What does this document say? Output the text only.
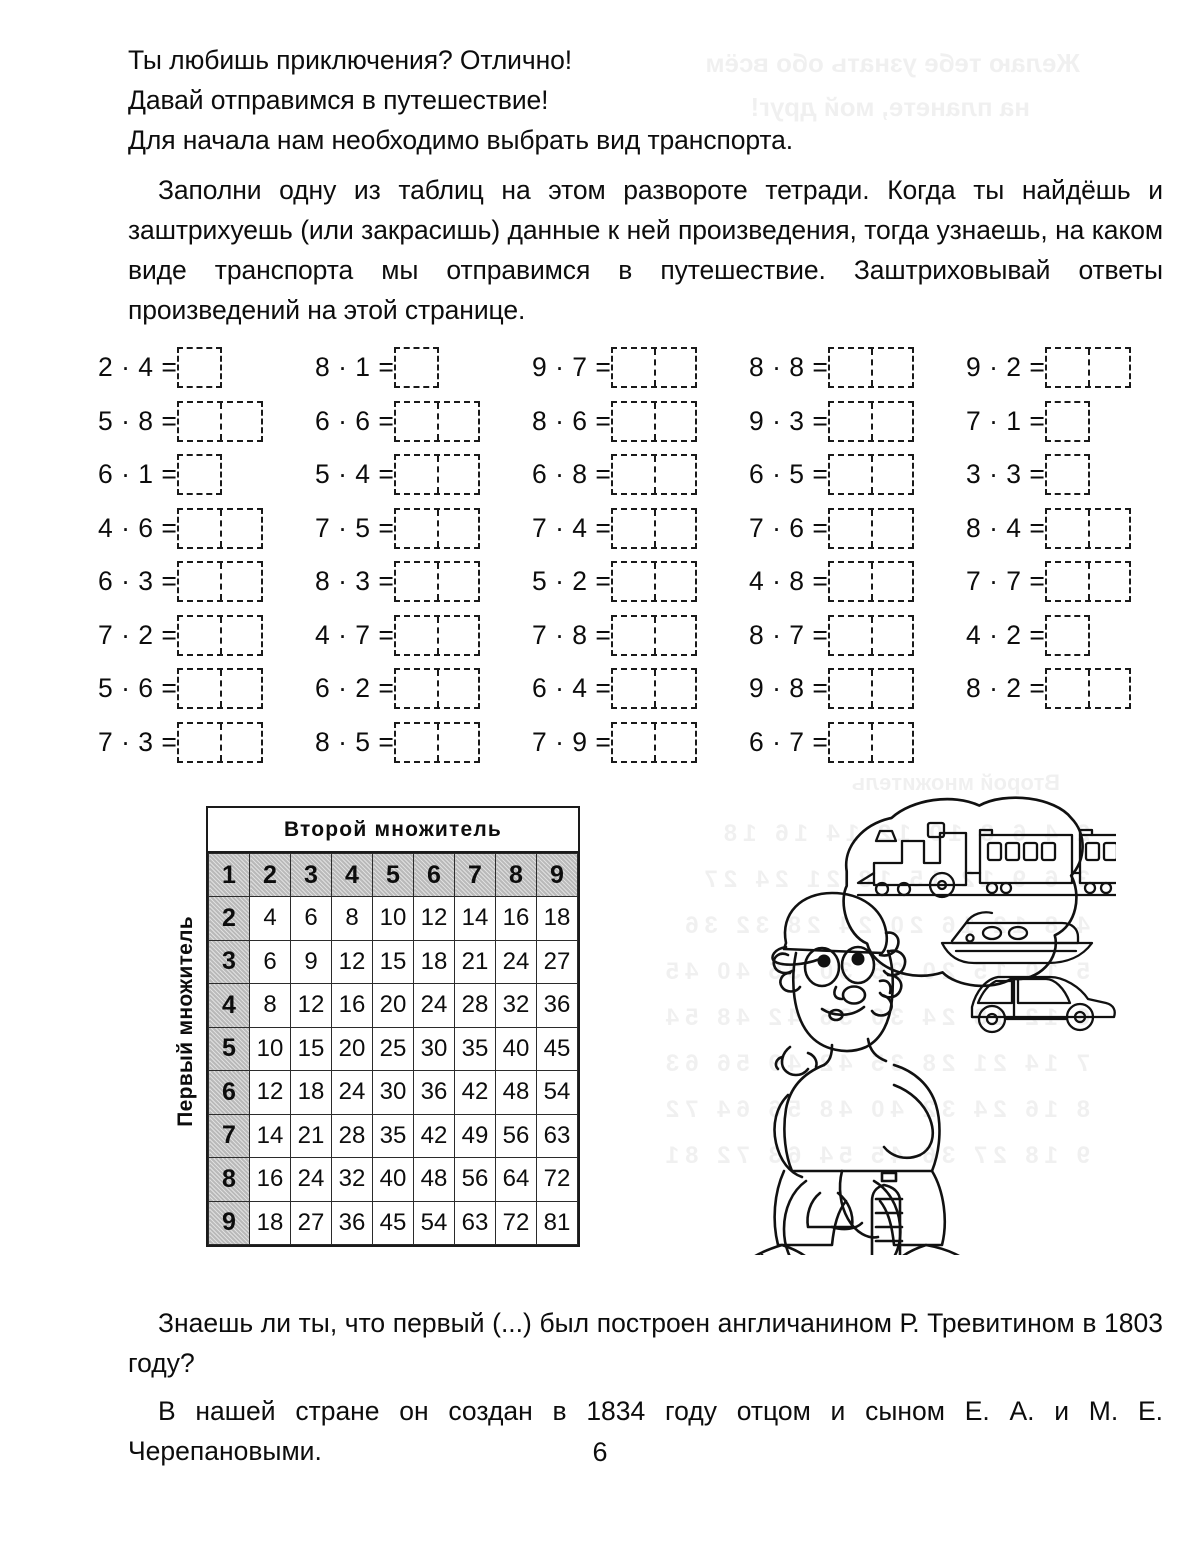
Желаю тебе узнать обо всём
на планете, мой друг!
Второй множитель
2 4 6 8 10 12 14 16 18
3 6 9 12 15 18 21 24 27
4 8 12 16 20 24 28 32 36
5 10 15 20 25 30 35 40 45
6 12 18 24 30 36 42 48 54
7 14 21 28 35 42 49 56 63
8 16 24 32 40 48 56 64 72
9 18 27 36 45 54 63 72 81

Ты любишь приключения? Отлично!

Давай отправимся в путешествие!

Для начала нам необходимо выбрать вид транспорта.

Заполни одну из таблиц на этом развороте тетради. Когда ты найдёшь и заштрихуешь (или закрасишь) данные к ней произведения, тогда узнаешь, на каком виде транспорта мы отправимся в путешествие. Заштриховывай ответы произведений на этой странице.

2 · 4 =
5 · 8 =
6 · 1 =
4 · 6 =
6 · 3 =
7 · 2 =
5 · 6 =
7 · 3 =
8 · 1 =
6 · 6 =
5 · 4 =
7 · 5 =
8 · 3 =
4 · 7 =
6 · 2 =
8 · 5 =
9 · 7 =
8 · 6 =
6 · 8 =
7 · 4 =
5 · 2 =
7 · 8 =
6 · 4 =
7 · 9 =
8 · 8 =
9 · 3 =
6 · 5 =
7 · 6 =
4 · 8 =
8 · 7 =
9 · 8 =
6 · 7 =
9 · 2 =
7 · 1 =
3 · 3 =
8 · 4 =
7 · 7 =
4 · 2 =
8 · 2 =
Первый множитель
Второй множитель
1	2	3	4	5	6	7	8	9
2	4	6	8	10	12	14	16	18
3	6	9	12	15	18	21	24	27
4	8	12	16	20	24	28	32	36
5	10	15	20	25	30	35	40	45
6	12	18	24	30	36	42	48	54
7	14	21	28	35	42	49	56	63
8	16	24	32	40	48	56	64	72
9	18	27	36	45	54	63	72	81

Знаешь ли ты, что первый (...) был построен англичанином Р. Тревитином в 1803 году?

В нашей стране он создан в 1834 году отцом и сыном Е. А. и М. Е. Черепановыми.	6
